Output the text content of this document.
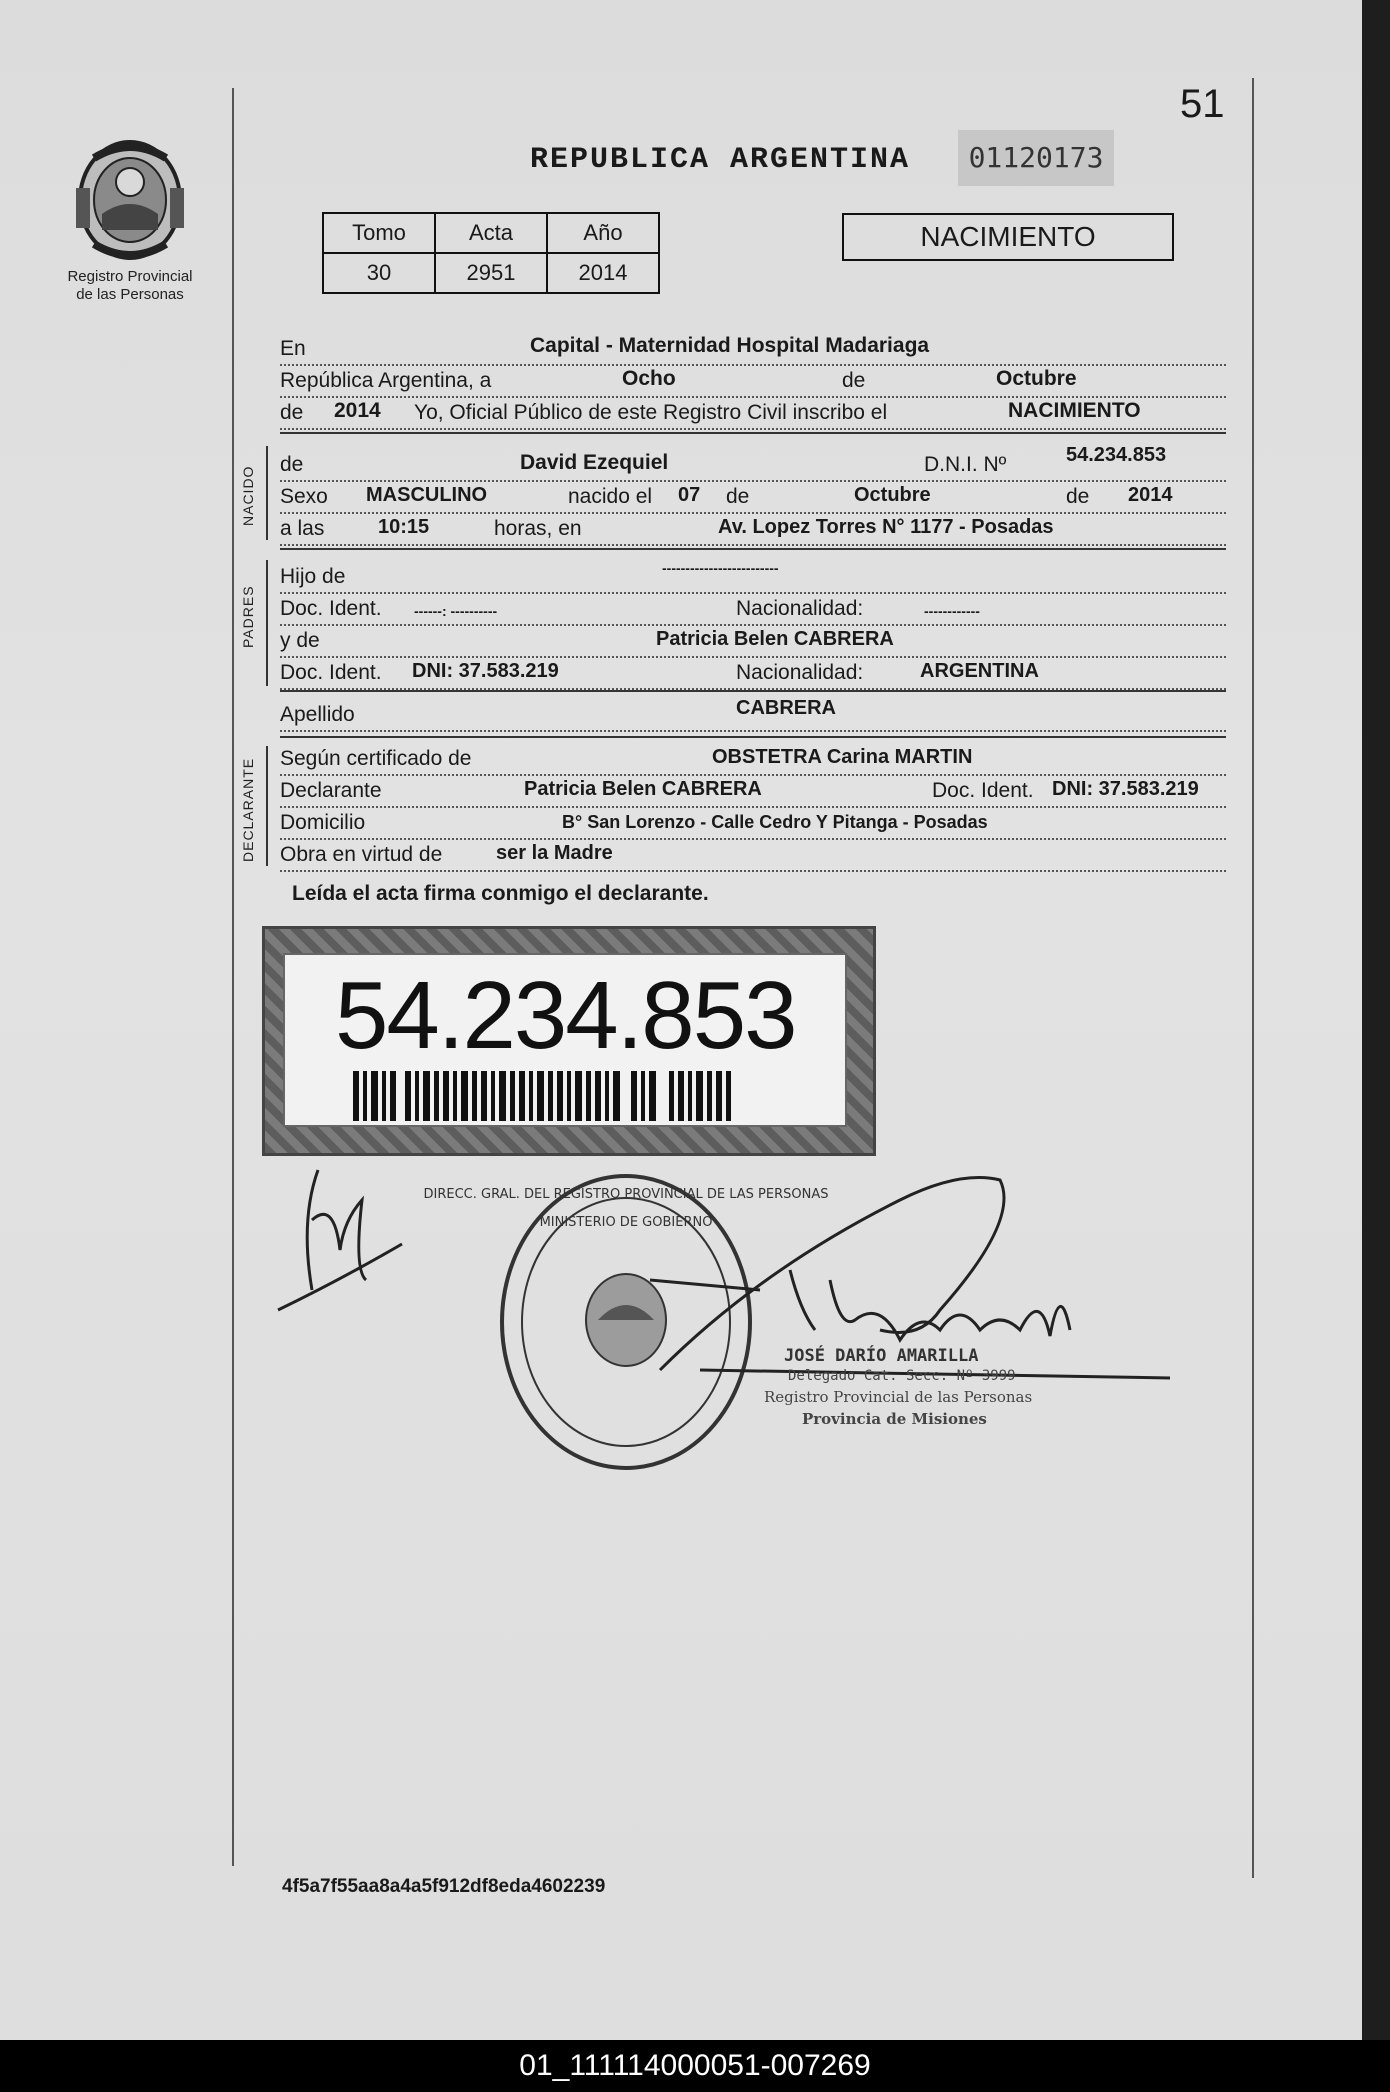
Registro Provincial
de las Personas
51
REPUBLICA ARGENTINA	01120173
Tomo	Acta	Año
30	2951	2014
NACIMIENTO
En	Capital - Maternidad Hospital Madariaga
República Argentina, a	Ocho	de	Octubre
de 2014 Yo, Oficial Público de este Registro Civil inscribo el	NACIMIENTO
NACIDO
de	David Ezequiel	D.N.I. Nº	54.234.853
Sexo MASCULINO	nacido el 07 de	Octubre	de 2014
a las	10:15	horas, en	Av. Lopez Torres N° 1177 - Posadas
PADRES
Hijo de	-------------------------
Doc. Ident. ------: ----------	Nacionalidad:	------------
y de	Patricia Belen CABRERA
Doc. Ident. DNI: 37.583.219	Nacionalidad:	ARGENTINA
Apellido	CABRERA
DECLARANTE Según certificado de	OBSTETRA Carina MARTIN
Declarante	Patricia Belen CABRERA	Doc. Ident. DNI: 37.583.219
Domicilio	B° San Lorenzo - Calle Cedro Y Pitanga - Posadas
Obra en virtud de	ser la Madre
Leída el acta firma conmigo el declarante.
54.234.853
MINISTERIO DE GOBIERNO
DIRECC. GRAL. DEL REGISTRO PROVINCIAL DE LAS PERSONAS
JOSÉ DARÍO AMARILLA
Delegado Cat. Secc. Nº 3999
Registro Provincial de las Personas
Provincia de Misiones
4f5a7f55aa8a4a5f912df8eda4602239
01_111114000051-007269
